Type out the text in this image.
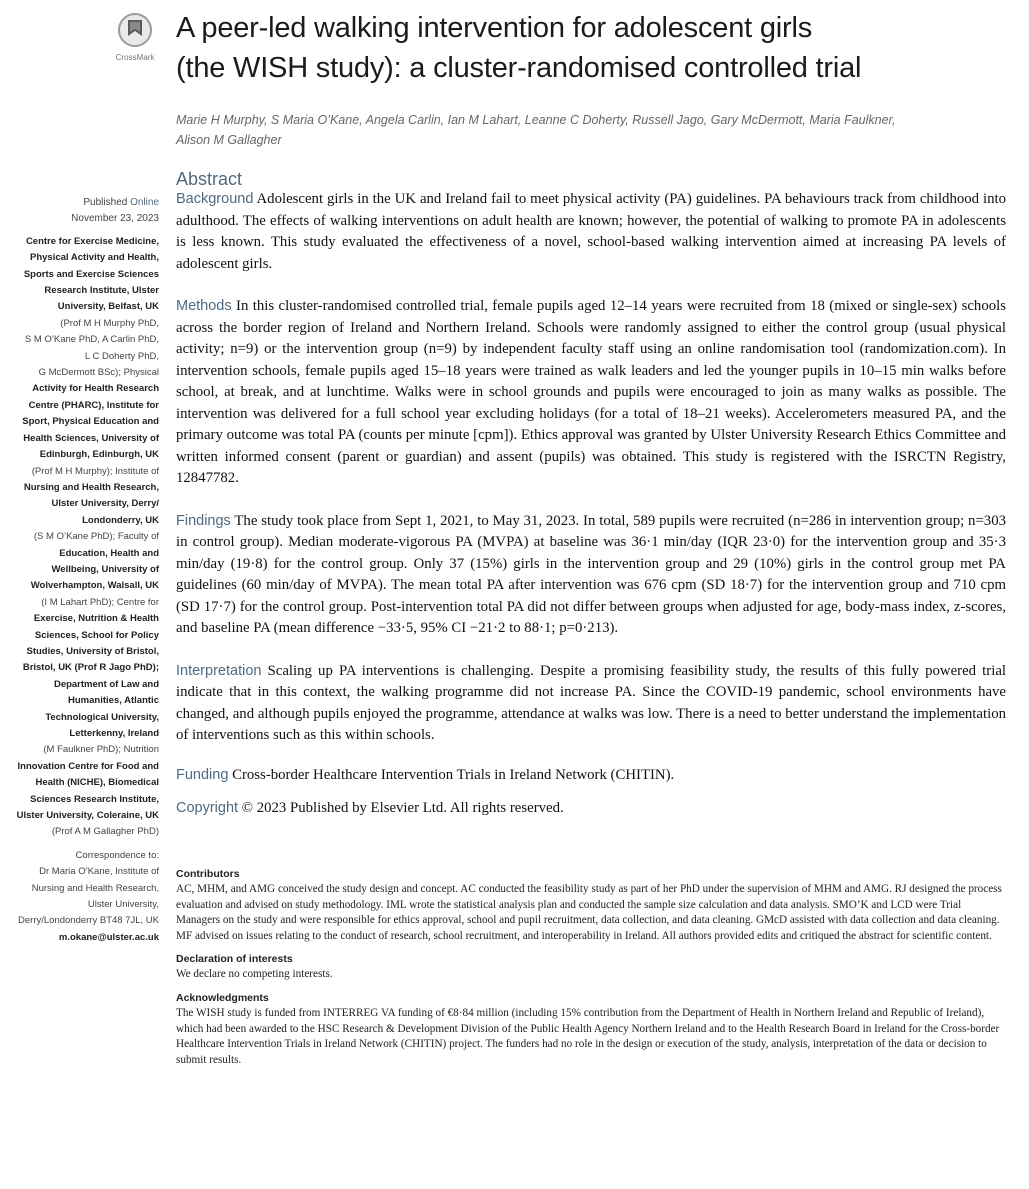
CrossMark
A peer-led walking intervention for adolescent girls
(the WISH study): a cluster-randomised controlled trial
Marie H Murphy, S Maria O’Kane, Angela Carlin, Ian M Lahart, Leanne C Doherty, Russell Jago, Gary McDermott, Maria Faulkner,
Alison M Gallagher
Abstract
Published Online
November 23, 2023
Centre for Exercise Medicine,
Physical Activity and Health,
Sports and Exercise Sciences
Research Institute, Ulster
University, Belfast, UK
(Prof M H Murphy PhD,
S M O’Kane PhD, A Carlin PhD,
L C Doherty PhD,
G McDermott BSc); Physical
Activity for Health Research
Centre (PHARC), Institute for
Sport, Physical Education and
Health Sciences, University of
Edinburgh, Edinburgh, UK
(Prof M H Murphy); Institute of
Nursing and Health Research,
Ulster University, Derry/
Londonderry, UK
(S M O’Kane PhD); Faculty of
Education, Health and
Wellbeing, University of
Wolverhampton, Walsall, UK
(I M Lahart PhD); Centre for
Exercise, Nutrition & Health
Sciences, School for Policy
Studies, University of Bristol,
Bristol, UK (Prof R Jago PhD);
Department of Law and
Humanities, Atlantic
Technological University,
Letterkenny, Ireland
(M Faulkner PhD); Nutrition
Innovation Centre for Food and
Health (NICHE), Biomedical
Sciences Research Institute,
Ulster University, Coleraine, UK
(Prof A M Gallagher PhD)
Correspondence to:
Dr Maria O’Kane, Institute of
Nursing and Health Research,
Ulster University,
Derry/Londonderry BT48 7JL, UK
m.okane@ulster.ac.uk

Background Adolescent girls in the UK and Ireland fail to meet physical activity (PA) guidelines. PA behaviours track from childhood into adulthood. The effects of walking interventions on adult health are known; however, the potential of walking to promote PA in adolescents is less known. This study evaluated the effectiveness of a novel, school-based walking intervention aimed at increasing PA levels of adolescent girls.

Methods In this cluster-randomised controlled trial, female pupils aged 12–14 years were recruited from 18 (mixed or single-sex) schools across the border region of Ireland and Northern Ireland. Schools were randomly assigned to either the control group (usual physical activity; n=9) or the intervention group (n=9) by independent faculty staff using an online randomisation tool (randomization.com). In intervention schools, female pupils aged 15–18 years were trained as walk leaders and led the younger pupils in 10–15 min walks before school, at break, and at lunchtime. Walks were in school grounds and pupils were encouraged to join as many walks as possible. The intervention was delivered for a full school year excluding holidays (for a total of 18–21 weeks). Accelerometers measured PA, and the primary outcome was total PA (counts per minute [cpm]). Ethics approval was granted by Ulster University Research Ethics Committee and written informed consent (parent or guardian) and assent (pupils) was obtained. This study is registered with the ISRCTN Registry, 12847782.

Findings The study took place from Sept 1, 2021, to May 31, 2023. In total, 589 pupils were recruited (n=286 in intervention group; n=303 in control group). Median moderate-vigorous PA (MVPA) at baseline was 36·1 min/day (IQR 23·0) for the intervention group and 35·3 min/day (19·8) for the control group. Only 37 (15%) girls in the intervention group and 29 (10%) girls in the control group met PA guidelines (60 min/day of MVPA). The mean total PA after intervention was 676 cpm (SD 18·7) for the intervention group and 710 cpm (SD 17·7) for the control group. Post-intervention total PA did not differ between groups when adjusted for age, body-mass index, z-scores, and baseline PA (mean difference −33·5, 95% CI −21·2 to 88·1; p=0·213).

Interpretation Scaling up PA interventions is challenging. Despite a promising feasibility study, the results of this fully powered trial indicate that in this context, the walking programme did not increase PA. Since the COVID-19 pandemic, school environments have changed, and although pupils enjoyed the programme, attendance at walks was low. There is a need to better understand the implementation of interventions such as this within schools.

Funding Cross-border Healthcare Intervention Trials in Ireland Network (CHITIN).

Copyright © 2023 Published by Elsevier Ltd. All rights reserved.

Contributors

AC, MHM, and AMG conceived the study design and concept. AC conducted the feasibility study as part of her PhD under the supervision of MHM and AMG. RJ designed the process evaluation and advised on study methodology. IML wrote the statistical analysis plan and conducted the sample size calculation and data analysis. SMO’K and LCD were Trial Managers on the study and were responsible for ethics approval, school and pupil recruitment, data collection, and data cleaning. GMcD assisted with data collection and data cleaning. MF advised on issues relating to the conduct of research, school recruitment, and interoperability in Ireland. All authors provided edits and critiqued the abstract for scientific content.

Declaration of interests

We declare no competing interests.

Acknowledgments

The WISH study is funded from INTERREG VA funding of €8·84 million (including 15% contribution from the Department of Health in Northern Ireland and Republic of Ireland), which had been awarded to the HSC Research & Development Division of the Public Health Agency Northern Ireland and to the Health Research Board in Ireland for the Cross-border Healthcare Intervention Trials in Ireland Network (CHITIN) project. The funders had no role in the design or execution of the study, analysis, interpretation of the data or decision to submit results.
